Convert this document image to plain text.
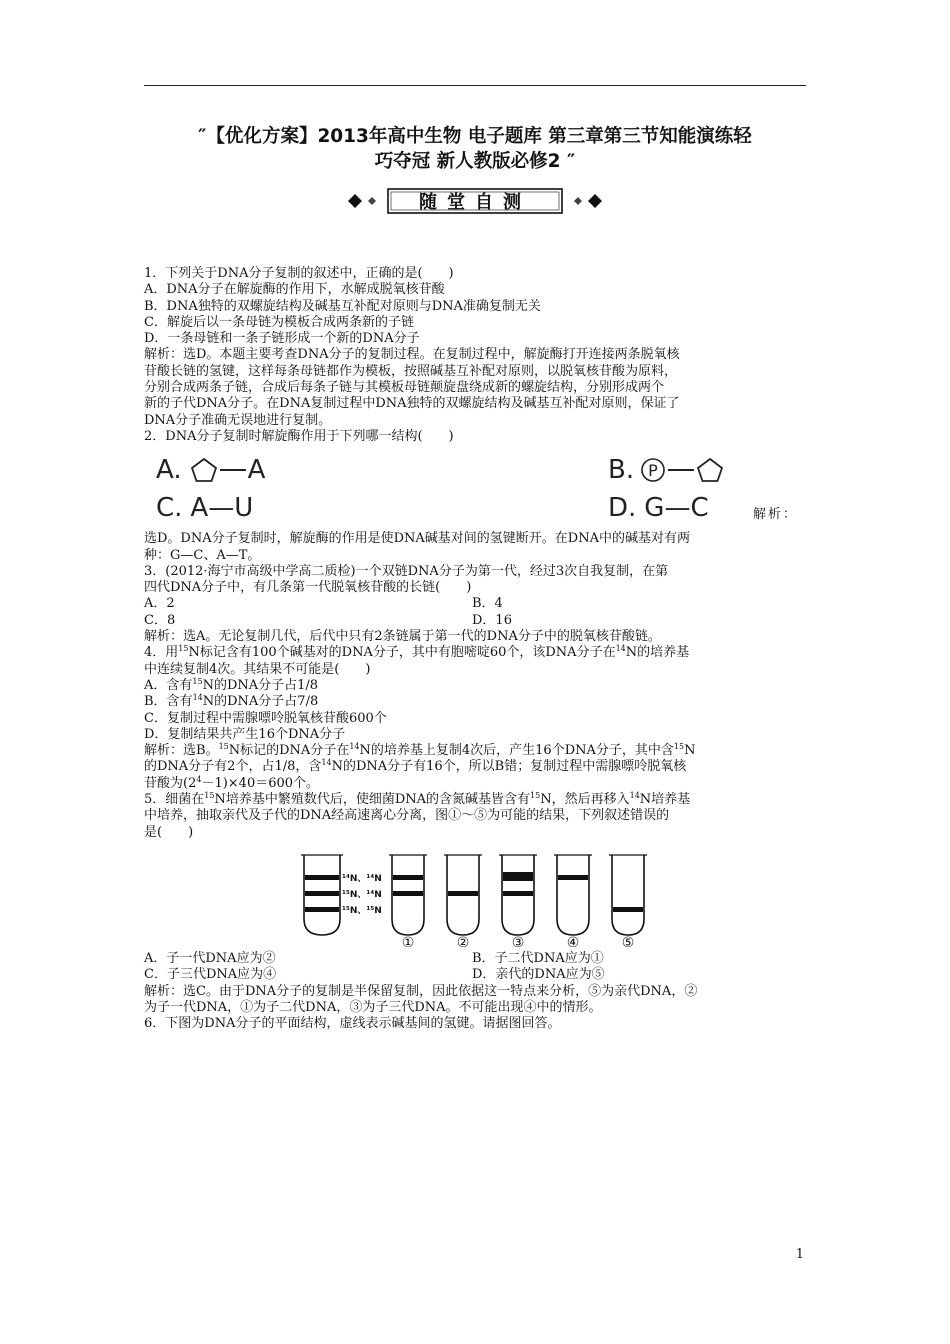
″【优化方案】2013年高中生物 电子题库 第三章第三节知能演练轻
巧夺冠 新人教版必修2 ″
随堂自测

1．下列关于DNA分子复制的叙述中，正确的是(　　)

A．DNA分子在解旋酶的作用下，水解成脱氧核苷酸

B．DNA独特的双螺旋结构及碱基互补配对原则与DNA准确复制无关

C．解旋后以一条母链为模板合成两条新的子链

D．一条母链和一条子链形成一个新的DNA分子

解析：选D。本题主要考查DNA分子的复制过程。在复制过程中，解旋酶打开连接两条脱氧核

苷酸长链的氢键，这样每条母链都作为模板，按照碱基互补配对原则，以脱氧核苷酸为原料，

分别合成两条子链，合成后每条子链与其模板母链颠旋盘绕成新的螺旋结构，分别形成两个

新的子代DNA分子。在DNA复制过程中DNA独特的双螺旋结构及碱基互补配对原则，保证了

DNA分子准确无误地进行复制。

2．DNA分子复制时解旋酶作用于下列哪一结构(　　)

A.	A	B. P
C. A—U	D. G—C	解析：

选D。DNA分子复制时，解旋酶的作用是使DNA碱基对间的氢键断开。在DNA中的碱基对有两

种：G—C、A—T。

3．(2012·海宁市高级中学高二质检)一个双链DNA分子为第一代，经过3次自我复制，在第

四代DNA分子中，有几条第一代脱氧核苷酸的长链(　　)

A．2	B．4
C．8	D．16

解析：选A。无论复制几代，后代中只有2条链属于第一代的DNA分子中的脱氧核苷酸链。

4．用$^{15}$N标记含有100个碱基对的DNA分子，其中有胞嘧啶60个，该DNA分子在$^{14}$N的培养基

中连续复制4次。其结果不可能是(　　)

A．含有$^{15}$N的DNA分子占1/8

B．含有$^{14}$N的DNA分子占7/8

C．复制过程中需腺嘌呤脱氧核苷酸600个

D．复制结果共产生16个DNA分子

解析：选B。$^{15}$N标记的DNA分子在$^{14}$N的培养基上复制4次后，产生16个DNA分子，其中含$^{15}$N

的DNA分子有2个，占1/8，含$^{14}$N的DNA分子有16个，所以B错；复制过程中需腺嘌呤脱氧核

苷酸为$(2^4-1)\times 40=600$个。

5．细菌在$^{15}$N培养基中繁殖数代后，使细菌DNA的含氮碱基皆含有$^{15}$N，然后再移入$^{14}$N培养基

中培养，抽取亲代及子代的DNA经高速离心分离，图①～⑤为可能的结果，下列叙述错误的

是(　　)

¹⁴N、¹⁴N
¹⁵N、¹⁴N
¹⁵N、¹⁵N
①	②	③	④	⑤
A．子一代DNA应为②	B．子二代DNA应为①
C．子三代DNA应为④	D．亲代的DNA应为⑤

解析：选C。由于DNA分子的复制是半保留复制，因此依据这一特点来分析，⑤为亲代DNA，②

为子一代DNA，①为子二代DNA，③为子三代DNA。不可能出现④中的情形。

6．下图为DNA分子的平面结构，虚线表示碱基间的氢键。请据图回答。

1
